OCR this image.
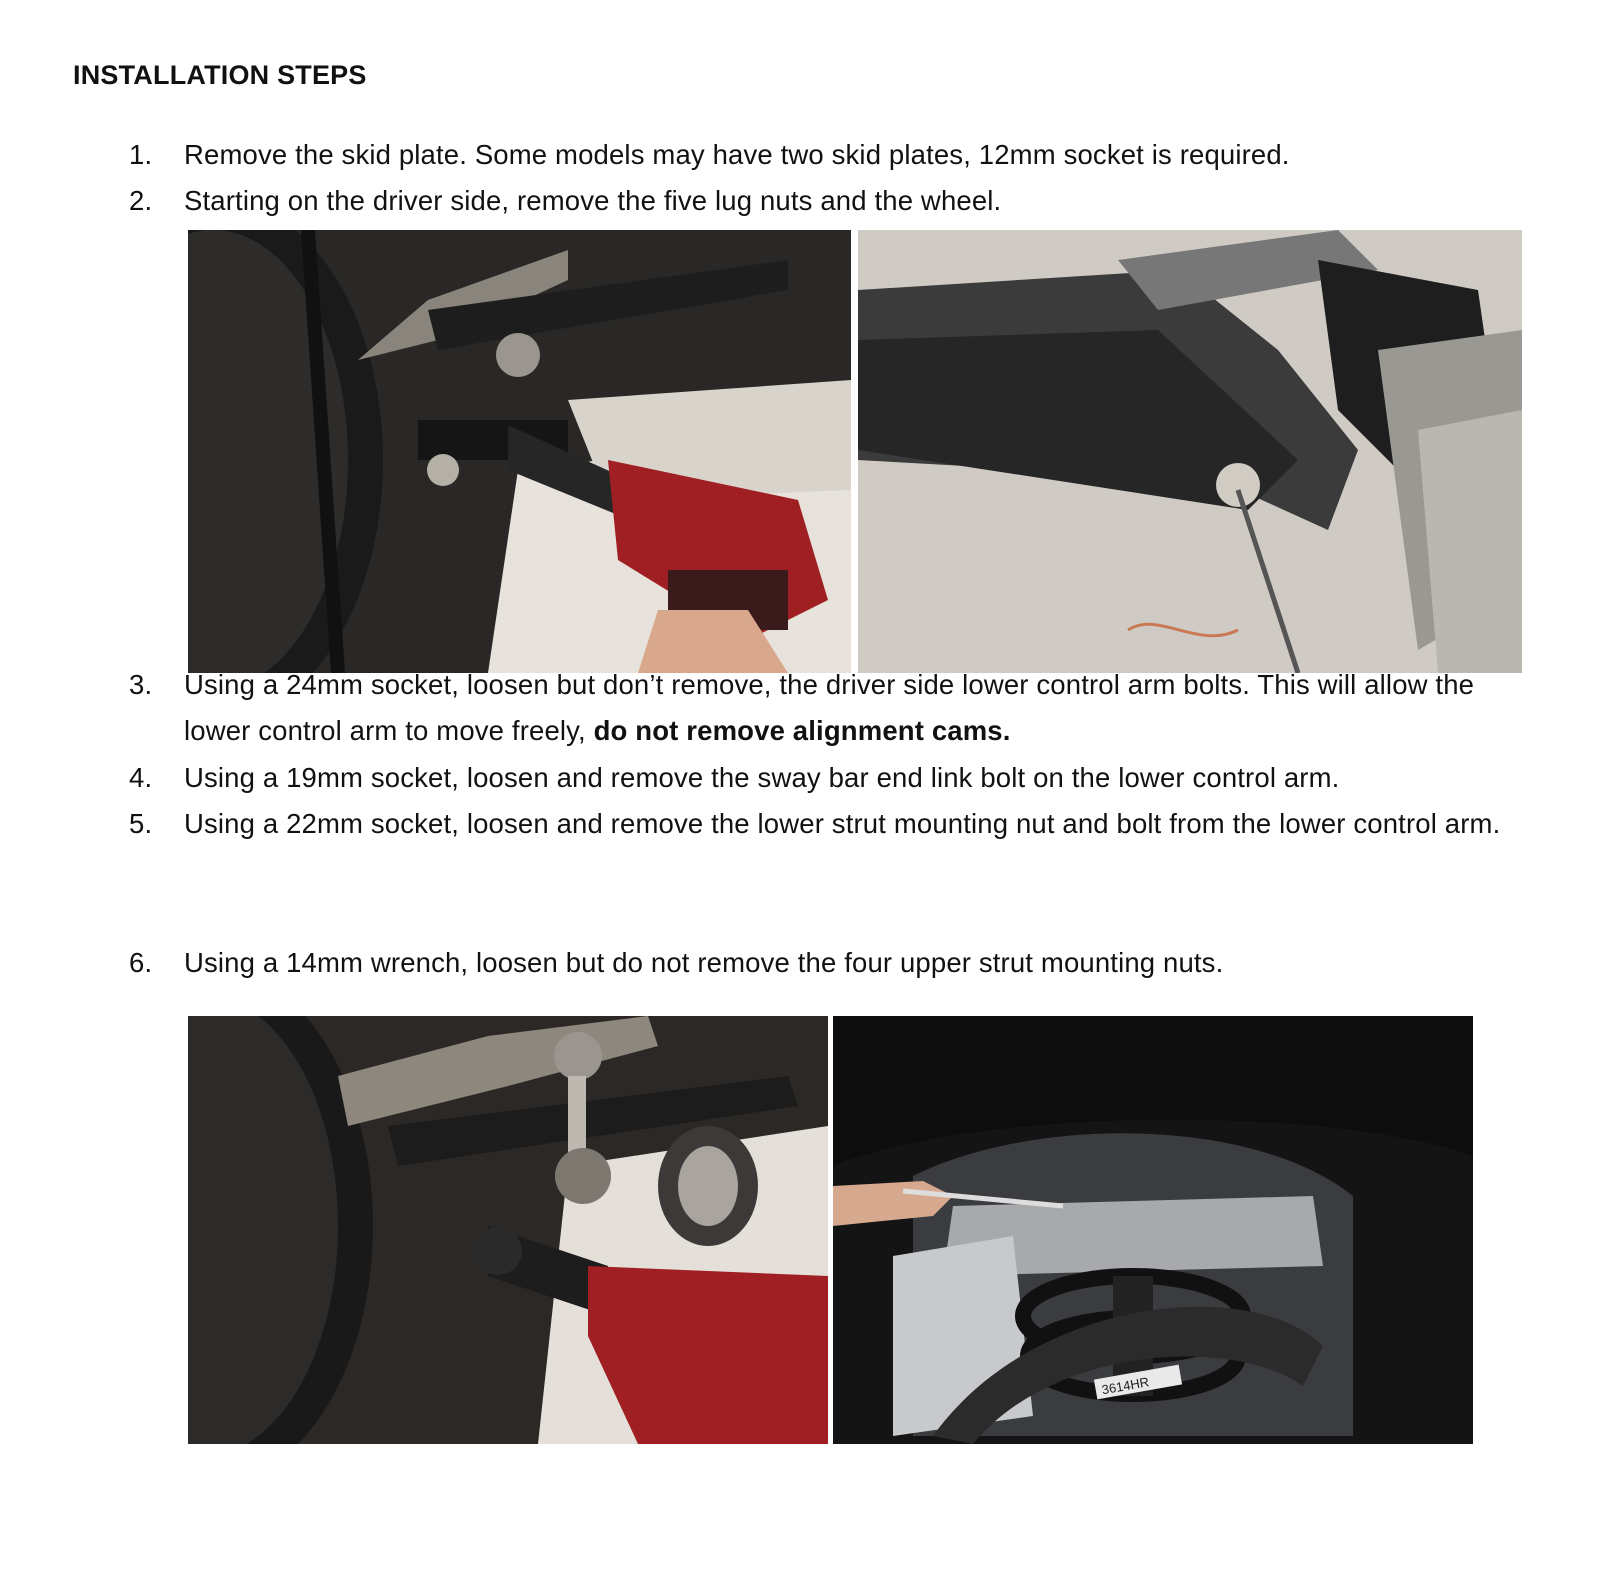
INSTALLATION STEPS
1. Remove the skid plate. Some models may have two skid plates, 12mm socket is required.
2. Starting on the driver side, remove the five lug nuts and the wheel.
3. Using a 24mm socket, loosen but don’t remove, the driver side lower control arm bolts. This will allow the lower control arm to move freely, do not remove alignment cams.
4. Using a 19mm socket, loosen and remove the sway bar end link bolt on the lower control arm.
5. Using a 22mm socket, loosen and remove the lower strut mounting nut and bolt from the lower control arm.
6. Using a 14mm wrench, loosen but do not remove the four upper strut mounting nuts.
3614HR
